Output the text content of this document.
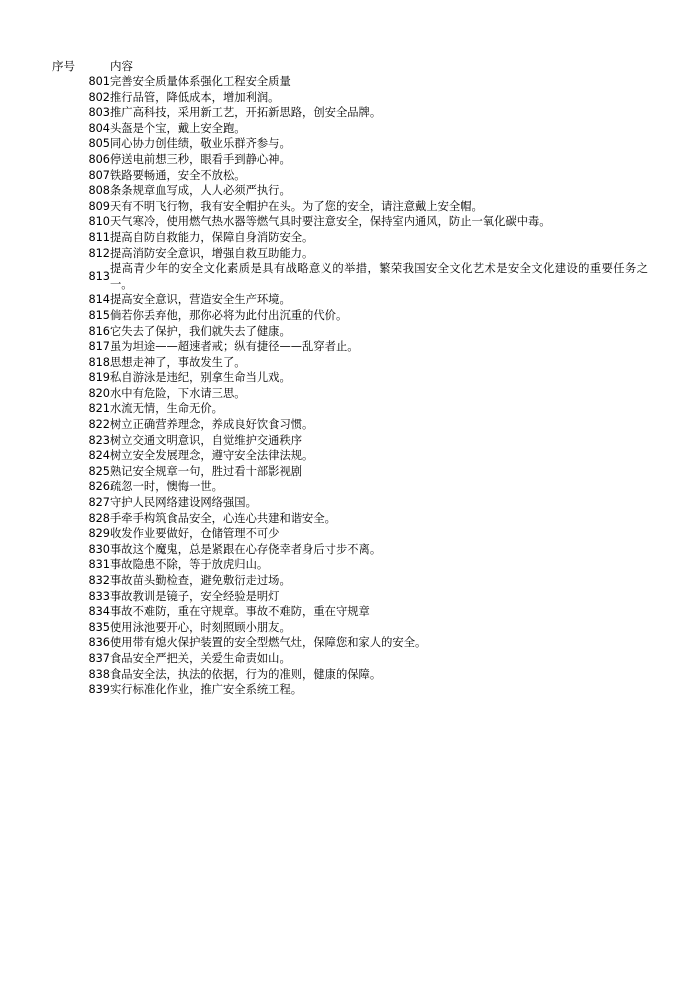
序号	内容

801	完善安全质量体系强化工程安全质量
802	推行品管，降低成本，增加利润。
803	推广高科技，采用新工艺，开拓新思路，创安全品牌。
804	头盔是个宝，戴上安全跑。
805	同心协力创佳绩，敬业乐群齐参与。
806	停送电前想三秒，眼看手到静心神。
807	铁路要畅通，安全不放松。
808	条条规章血写成，人人必须严执行。
809	天有不明飞行物，我有安全帽护在头。为了您的安全，请注意戴上安全帽。
810	天气寒冷，使用燃气热水器等燃气具时要注意安全，保持室内通风，防止一氧化碳中毒。
811	提高自防自救能力，保障自身消防安全。
812	提高消防安全意识，增强自救互助能力。
813	提高青少年的安全文化素质是具有战略意义的举措，繁荣我国安全文化艺术是安全文化建设的重要任务之一。
814	提高安全意识，营造安全生产环境。
815	倘若你丢弃他，那你必将为此付出沉重的代价。
816	它失去了保护，我们就失去了健康。
817	虽为坦途——超速者戒；纵有捷径——乱穿者止。
818	思想走神了，事故发生了。
819	私自游泳是违纪，别拿生命当儿戏。
820	水中有危险，下水请三思。
821	水流无情，生命无价。
822	树立正确营养理念，养成良好饮食习惯。
823	树立交通文明意识，自觉维护交通秩序
824	树立安全发展理念，遵守安全法律法规。
825	熟记安全规章一句，胜过看十部影视剧
826	疏忽一时，懊悔一世。
827	守护人民网络建设网络强国。
828	手牵手构筑食品安全，心连心共建和谐安全。
829	收发作业要做好，仓储管理不可少
830	事故这个魔鬼，总是紧跟在心存侥幸者身后寸步不离。
831	事故隐患不除，等于放虎归山。
832	事故苗头勤检查，避免敷衍走过场。
833	事故教训是镜子，安全经验是明灯
834	事故不难防，重在守规章。事故不难防，重在守规章
835	使用泳池要开心，时刻照顾小朋友。
836	使用带有熄火保护装置的安全型燃气灶，保障您和家人的安全。
837	食品安全严把关，关爱生命责如山。
838	食品安全法，执法的依据，行为的准则，健康的保障。
839	实行标准化作业，推广安全系统工程。
